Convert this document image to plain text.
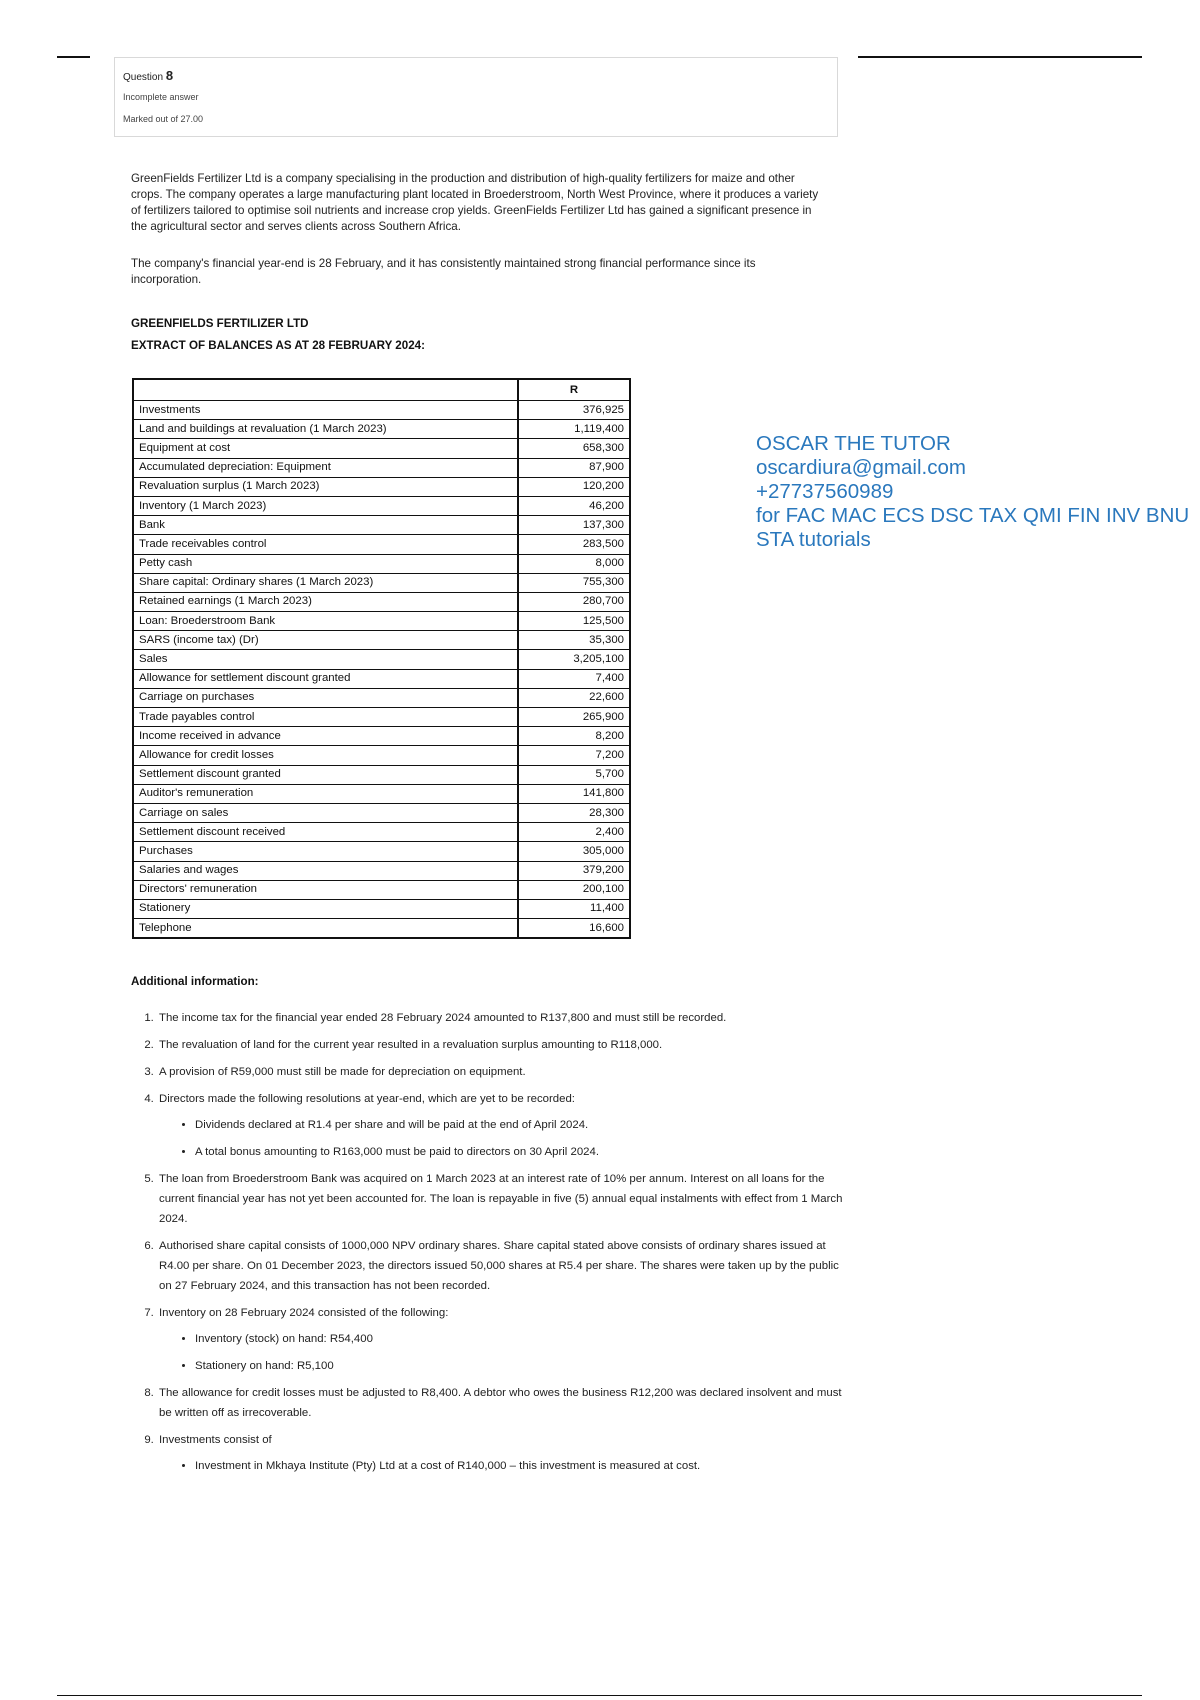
Question 8
Incomplete answer
Marked out of 27.00
GreenFields Fertilizer Ltd is a company specialising in the production and distribution of high-quality fertilizers for maize and other crops. The company operates a large manufacturing plant located in Broederstroom, North West Province, where it produces a variety of fertilizers tailored to optimise soil nutrients and increase crop yields. GreenFields Fertilizer Ltd has gained a significant presence in the agricultural sector and serves clients across Southern Africa.
The company's financial year-end is 28 February, and it has consistently maintained strong financial performance since its incorporation.
GREENFIELDS FERTILIZER LTD
EXTRACT OF BALANCES AS AT 28 FEBRUARY 2024:
	R
Investments	376,925
Land and buildings at revaluation (1 March 2023)	1,119,400
Equipment at cost	658,300
Accumulated depreciation: Equipment	87,900
Revaluation surplus (1 March 2023)	120,200
Inventory (1 March 2023)	46,200
Bank	137,300
Trade receivables control	283,500
Petty cash	8,000
Share capital: Ordinary shares (1 March 2023)	755,300
Retained earnings (1 March 2023)	280,700
Loan: Broederstroom Bank	125,500
SARS (income tax) (Dr)	35,300
Sales	3,205,100
Allowance for settlement discount granted	7,400
Carriage on purchases	22,600
Trade payables control	265,900
Income received in advance	8,200
Allowance for credit losses	7,200
Settlement discount granted	5,700
Auditor's remuneration	141,800
Carriage on sales	28,300
Settlement discount received	2,400
Purchases	305,000
Salaries and wages	379,200
Directors' remuneration	200,100
Stationery	11,400
Telephone	16,600
OSCAR THE TUTOR
oscardiura@gmail.com
+27737560989
for FAC MAC ECS DSC TAX QMI FIN INV BNU
STA tutorials
Additional information:
1. The income tax for the financial year ended 28 February 2024 amounted to R137,800 and must still be recorded.
2. The revaluation of land for the current year resulted in a revaluation surplus amounting to R118,000.
3. A provision of R59,000 must still be made for depreciation on equipment.
4. Directors made the following resolutions at year-end, which are yet to be recorded:
• Dividends declared at R1.4 per share and will be paid at the end of April 2024.
• A total bonus amounting to R163,000 must be paid to directors on 30 April 2024.
5. The loan from Broederstroom Bank was acquired on 1 March 2023 at an interest rate of 10% per annum. Interest on all loans for the current financial year has not yet been accounted for. The loan is repayable in five (5) annual equal instalments with effect from 1 March 2024.
6. Authorised share capital consists of 1000,000 NPV ordinary shares. Share capital stated above consists of ordinary shares issued at R4.00 per share. On 01 December 2023, the directors issued 50,000 shares at R5.4 per share. The shares were taken up by the public on 27 February 2024, and this transaction has not been recorded.
7. Inventory on 28 February 2024 consisted of the following:
• Inventory (stock) on hand: R54,400
• Stationery on hand: R5,100
8. The allowance for credit losses must be adjusted to R8,400. A debtor who owes the business R12,200 was declared insolvent and must be written off as irrecoverable.
9. Investments consist of
• Investment in Mkhaya Institute (Pty) Ltd at a cost of R140,000 – this investment is measured at cost.
